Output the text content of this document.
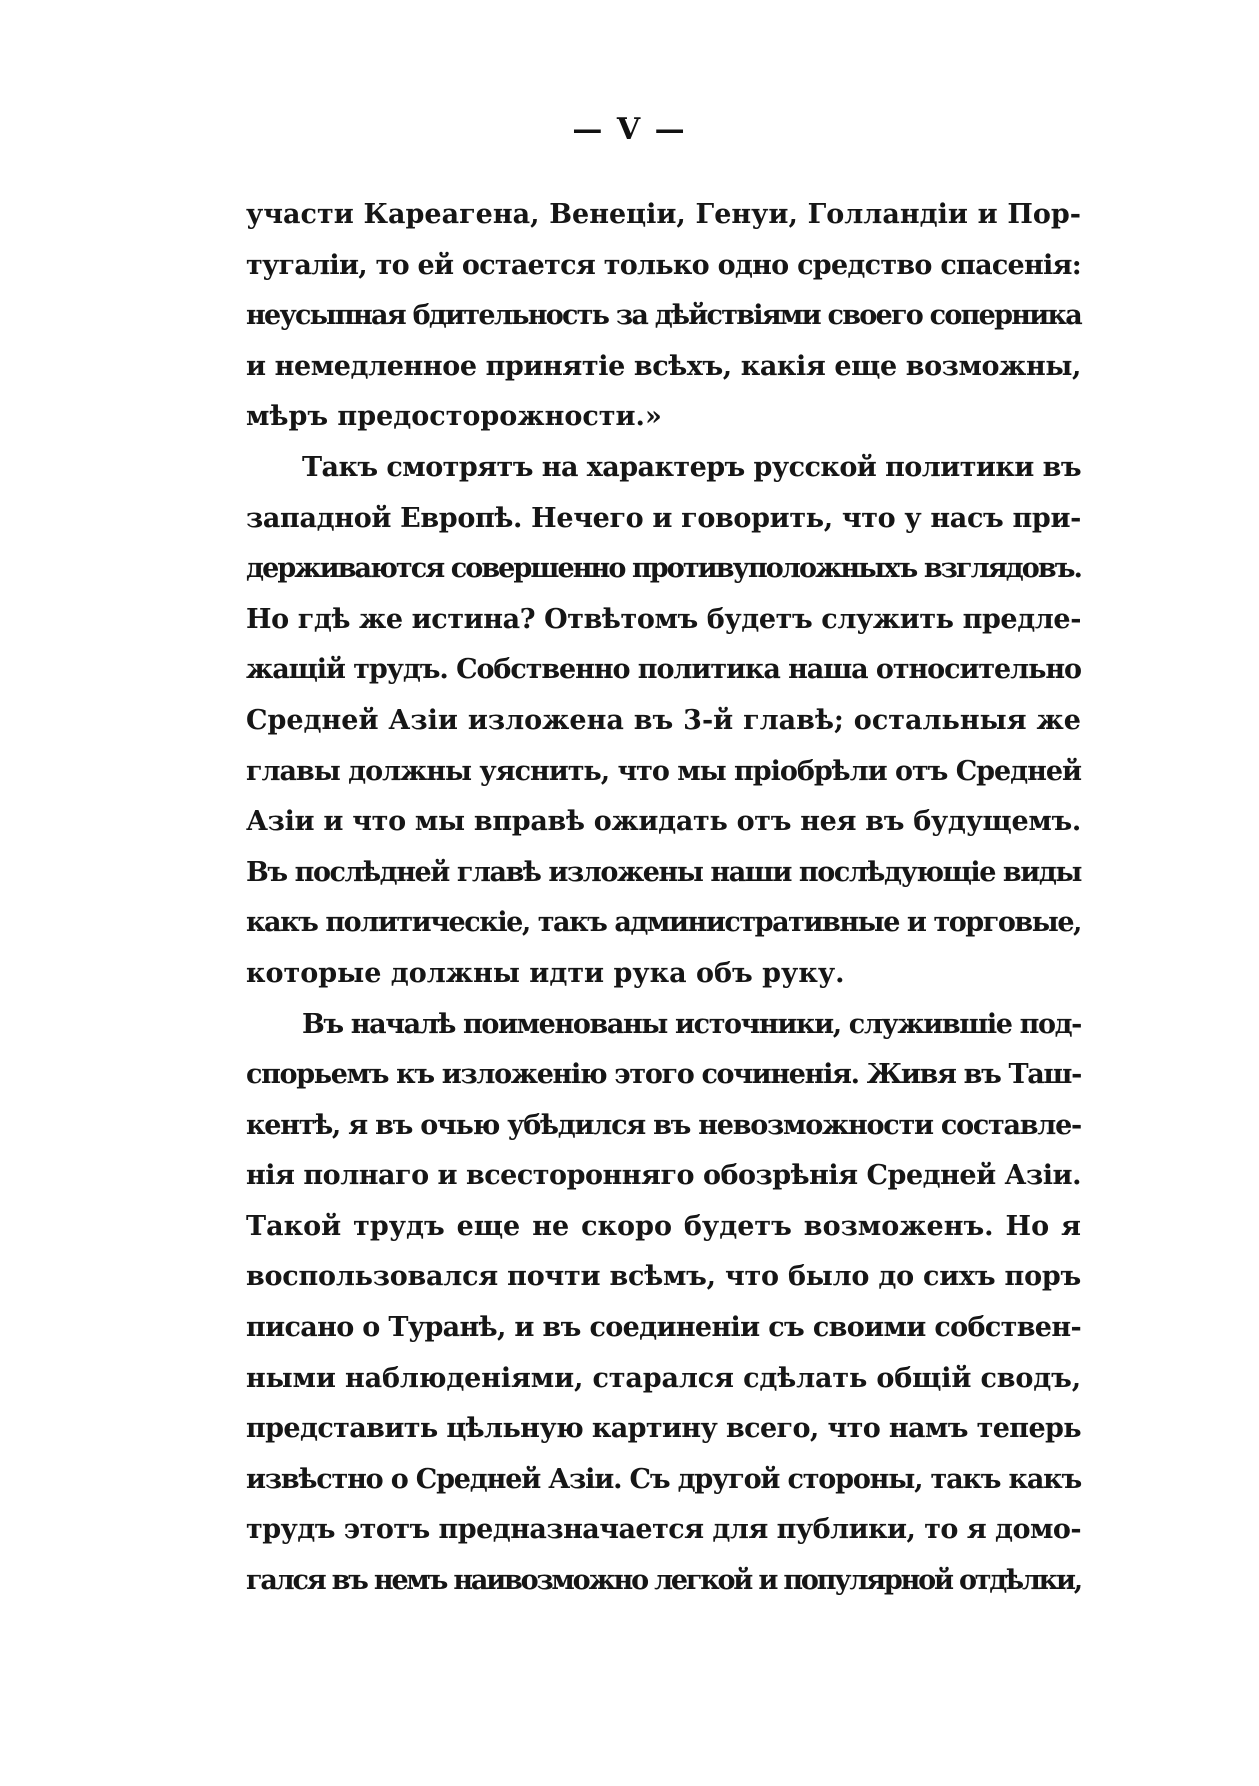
— V —
участи Кареагена, Венеціи, Генуи, Голландіи и Пор-
тугаліи, то ей остается только одно средство спасенія:
неусыпная бдительность за дѣйствіями своего соперника
и немедленное принятіе всѣхъ, какія еще возможны,
мѣръ предосторожности.»
Такъ смотрятъ на характеръ русской политики въ
западной Европѣ. Нечего и говорить, что у насъ при-
держиваются совершенно противуположныхъ взглядовъ.
Но гдѣ же истина? Отвѣтомъ будетъ служить предле-
жащій трудъ. Собственно политика наша относительно
Средней Азіи изложена въ 3-й главѣ; остальныя же
главы должны уяснить, что мы пріобрѣли отъ Средней
Азіи и что мы вправѣ ожидать отъ нея въ будущемъ.
Въ послѣдней главѣ изложены наши послѣдующіе виды
какъ политическіе, такъ административные и торговые,
которые должны идти рука объ руку.
Въ началѣ поименованы источники, служившіе под-
спорьемъ къ изложенію этого сочиненія. Живя въ Таш-
кентѣ, я въ очью убѣдился въ невозможности составле-
нія полнаго и всесторонняго обозрѣнія Средней Азіи.
Такой трудъ еще не скоро будетъ возможенъ. Но я
воспользовался почти всѣмъ, что было до сихъ поръ
писано о Туранѣ, и въ соединеніи съ своими собствен-
ными наблюденіями, старался сдѣлать общій сводъ,
представить цѣльную картину всего, что намъ теперь
извѣстно о Средней Азіи. Съ другой стороны, такъ какъ
трудъ этотъ предназначается для публики, то я домо-
гался въ немъ наивозможно легкой и популярной отдѣлки,
